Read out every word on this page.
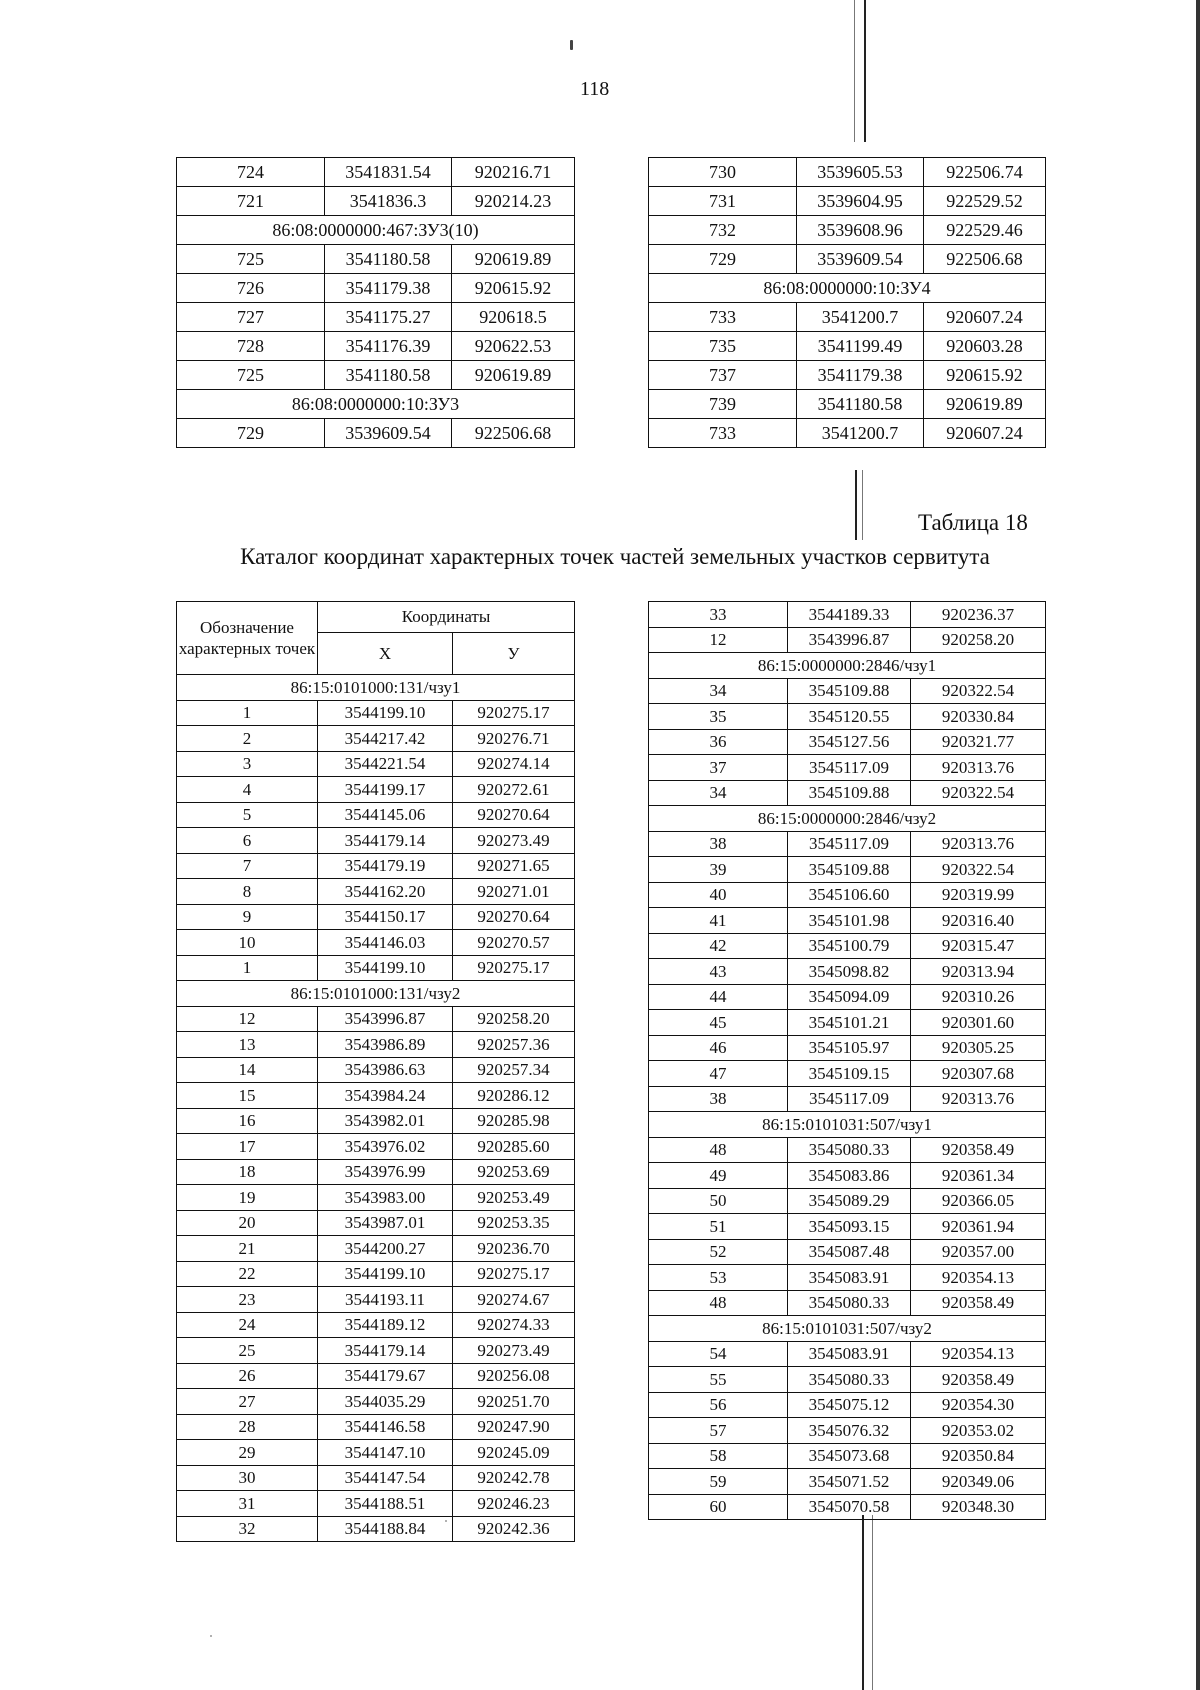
118
724	3541831.54	920216.71
721	3541836.3	920214.23
86:08:0000000:467:ЗУ3(10)		
725	3541180.58	920619.89
726	3541179.38	920615.92
727	3541175.27	920618.5
728	3541176.39	920622.53
725	3541180.58	920619.89
86:08:0000000:10:ЗУ3		
729	3539609.54	922506.68
730	3539605.53	922506.74
731	3539604.95	922529.52
732	3539608.96	922529.46
729	3539609.54	922506.68
86:08:0000000:10:ЗУ4		
733	3541200.7	920607.24
735	3541199.49	920603.28
737	3541179.38	920615.92
739	3541180.58	920619.89
733	3541200.7	920607.24
Таблица 18
Каталог координат характерных точек частей земельных участков сервитута
Обозначение характерных точек	Координаты	
	X	У
86:15:0101000:131/чзу1		
1	3544199.10	920275.17
2	3544217.42	920276.71
3	3544221.54	920274.14
4	3544199.17	920272.61
5	3544145.06	920270.64
6	3544179.14	920273.49
7	3544179.19	920271.65
8	3544162.20	920271.01
9	3544150.17	920270.64
10	3544146.03	920270.57
1	3544199.10	920275.17
86:15:0101000:131/чзу2		
12	3543996.87	920258.20
13	3543986.89	920257.36
14	3543986.63	920257.34
15	3543984.24	920286.12
16	3543982.01	920285.98
17	3543976.02	920285.60
18	3543976.99	920253.69
19	3543983.00	920253.49
20	3543987.01	920253.35
21	3544200.27	920236.70
22	3544199.10	920275.17
23	3544193.11	920274.67
24	3544189.12	920274.33
25	3544179.14	920273.49
26	3544179.67	920256.08
27	3544035.29	920251.70
28	3544146.58	920247.90
29	3544147.10	920245.09
30	3544147.54	920242.78
31	3544188.51	920246.23
32	3544188.84	920242.36
33	3544189.33	920236.37
12	3543996.87	920258.20
86:15:0000000:2846/чзу1		
34	3545109.88	920322.54
35	3545120.55	920330.84
36	3545127.56	920321.77
37	3545117.09	920313.76
34	3545109.88	920322.54
86:15:0000000:2846/чзу2		
38	3545117.09	920313.76
39	3545109.88	920322.54
40	3545106.60	920319.99
41	3545101.98	920316.40
42	3545100.79	920315.47
43	3545098.82	920313.94
44	3545094.09	920310.26
45	3545101.21	920301.60
46	3545105.97	920305.25
47	3545109.15	920307.68
38	3545117.09	920313.76
86:15:0101031:507/чзу1		
48	3545080.33	920358.49
49	3545083.86	920361.34
50	3545089.29	920366.05
51	3545093.15	920361.94
52	3545087.48	920357.00
53	3545083.91	920354.13
48	3545080.33	920358.49
86:15:0101031:507/чзу2		
54	3545083.91	920354.13
55	3545080.33	920358.49
56	3545075.12	920354.30
57	3545076.32	920353.02
58	3545073.68	920350.84
59	3545071.52	920349.06
60	3545070.58	920348.30
